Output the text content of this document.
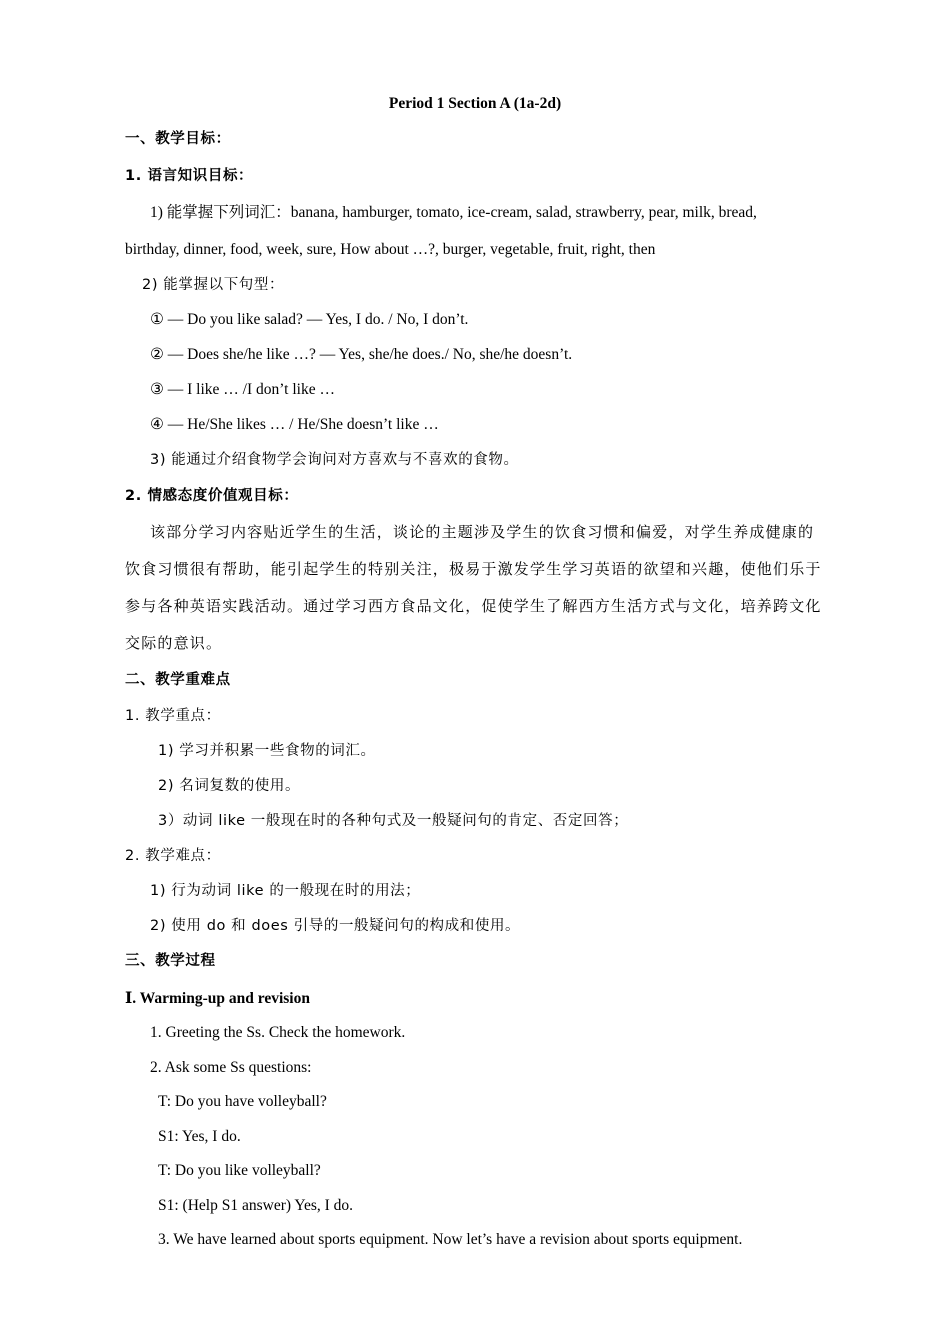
Period 1 Section A (1a-2d)
一、教学目标：
1. 语言知识目标：
1) 能掌握下列词汇：banana, hamburger, tomato, ice-cream, salad, strawberry, pear, milk, bread,
birthday, dinner, food, week, sure, How about …?, burger, vegetable, fruit, right, then
2) 能掌握以下句型：
① — Do you like salad? — Yes, I do. / No, I don’t.
② — Does she/he like …? — Yes, she/he does./ No, she/he doesn’t.
③ — I like … /I don’t like …
④ — He/She likes … / He/She doesn’t like …
3) 能通过介绍食物学会询问对方喜欢与不喜欢的食物。
2. 情感态度价值观目标：
该部分学习内容贴近学生的生活，谈论的主题涉及学生的饮食习惯和偏爱，对学生养成健康的饮食习惯很有帮助，能引起学生的特别关注，极易于激发学生学习英语的欲望和兴趣，使他们乐于参与各种英语实践活动。通过学习西方食品文化，促使学生了解西方生活方式与文化，培养跨文化交际的意识。
二、教学重难点
1. 教学重点：
1) 学习并积累一些食物的词汇。
2) 名词复数的使用。
3）动词 like 一般现在时的各种句式及一般疑问句的肯定、否定回答；
2. 教学难点：
1) 行为动词 like 的一般现在时的用法；
2) 使用 do 和 does 引导的一般疑问句的构成和使用。
三、教学过程
Ⅰ. Warming-up and revision
1. Greeting the Ss. Check the homework.
2. Ask some Ss questions:
T: Do you have volleyball?
S1: Yes, I do.
T: Do you like volleyball?
S1: (Help S1 answer) Yes, I do.
3. We have learned about sports equipment. Now let’s have a revision about sports equipment.
